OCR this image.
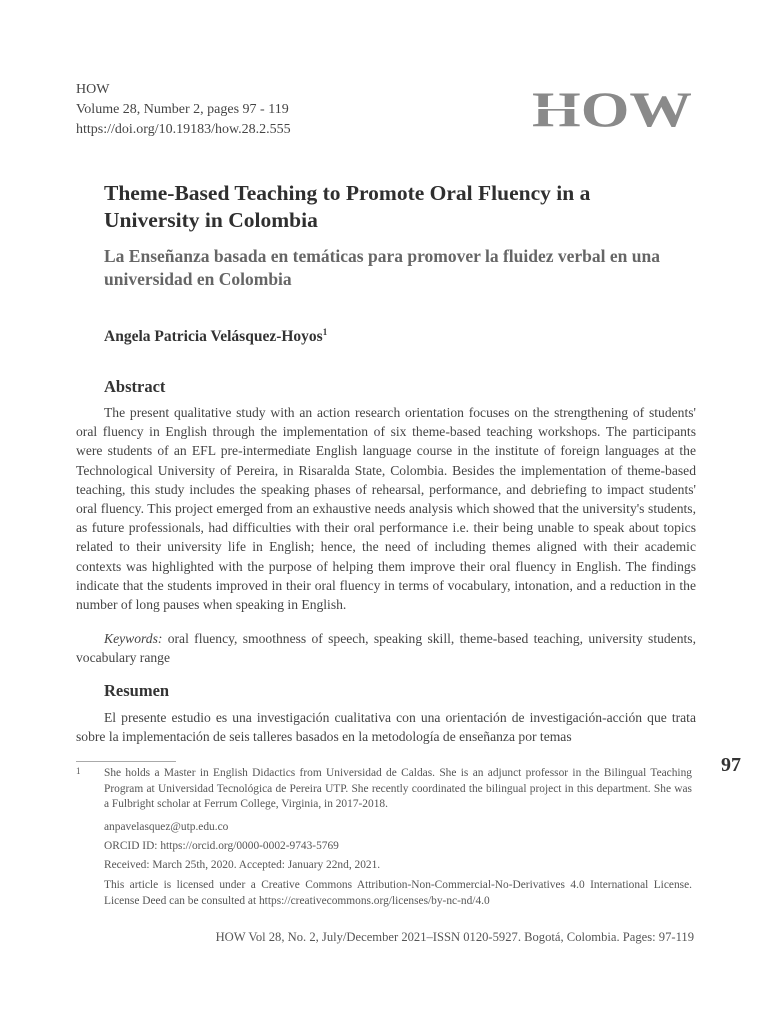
HOW
Volume 28, Number 2, pages 97 - 119
https://doi.org/10.19183/how.28.2.555	HOW
Theme-Based Teaching to Promote Oral Fluency in a University in Colombia
La Enseñanza basada en temáticas para promover la fluidez verbal en una universidad en Colombia
Angela Patricia Velásquez-Hoyos$^1$
Abstract

The present qualitative study with an action research orientation focuses on the strengthening of students' oral fluency in English through the implementation of six theme-based teaching workshops. The participants were students of an EFL pre-intermediate English language course in the institute of foreign languages at the Technological University of Pereira, in Risaralda State, Colombia. Besides the implementation of theme-based teaching, this study includes the speaking phases of rehearsal, performance, and debriefing to impact students' oral fluency. This project emerged from an exhaustive needs analysis which showed that the university's students, as future professionals, had difficulties with their oral performance i.e. their being unable to speak about topics related to their university life in English; hence, the need of including themes aligned with their academic contexts was highlighted with the purpose of helping them improve their oral fluency in English. The findings indicate that the students improved in their oral fluency in terms of vocabulary, intonation, and a reduction in the number of long pauses when speaking in English.

Keywords: oral fluency, smoothness of speech, speaking skill, theme-based teaching, university students, vocabulary range

Resumen

El presente estudio es una investigación cualitativa con una orientación de investigación-acción que trata sobre la implementación de seis talleres basados en la metodología de enseñanza por temas

1 She holds a Master in English Didactics from Universidad de Caldas. She is an adjunct professor in the Bilingual Teaching Program at Universidad Tecnológica de Pereira UTP. She recently coordinated the bilingual project in this department. She was a Fulbright scholar at Ferrum College, Virginia, in 2017-2018.
anpavelasquez@utp.edu.co
ORCID ID: https://orcid.org/0000-0002-9743-5769
Received: March 25th, 2020. Accepted: January 22nd, 2021.
This article is licensed under a Creative Commons Attribution-Non-Commercial-No-Derivatives 4.0 International License. License Deed can be consulted at https://creativecommons.org/licenses/by-nc-nd/4.0
97
HOW Vol 28, No. 2, July/December 2021–ISSN 0120-5927. Bogotá, Colombia. Pages: 97-119
